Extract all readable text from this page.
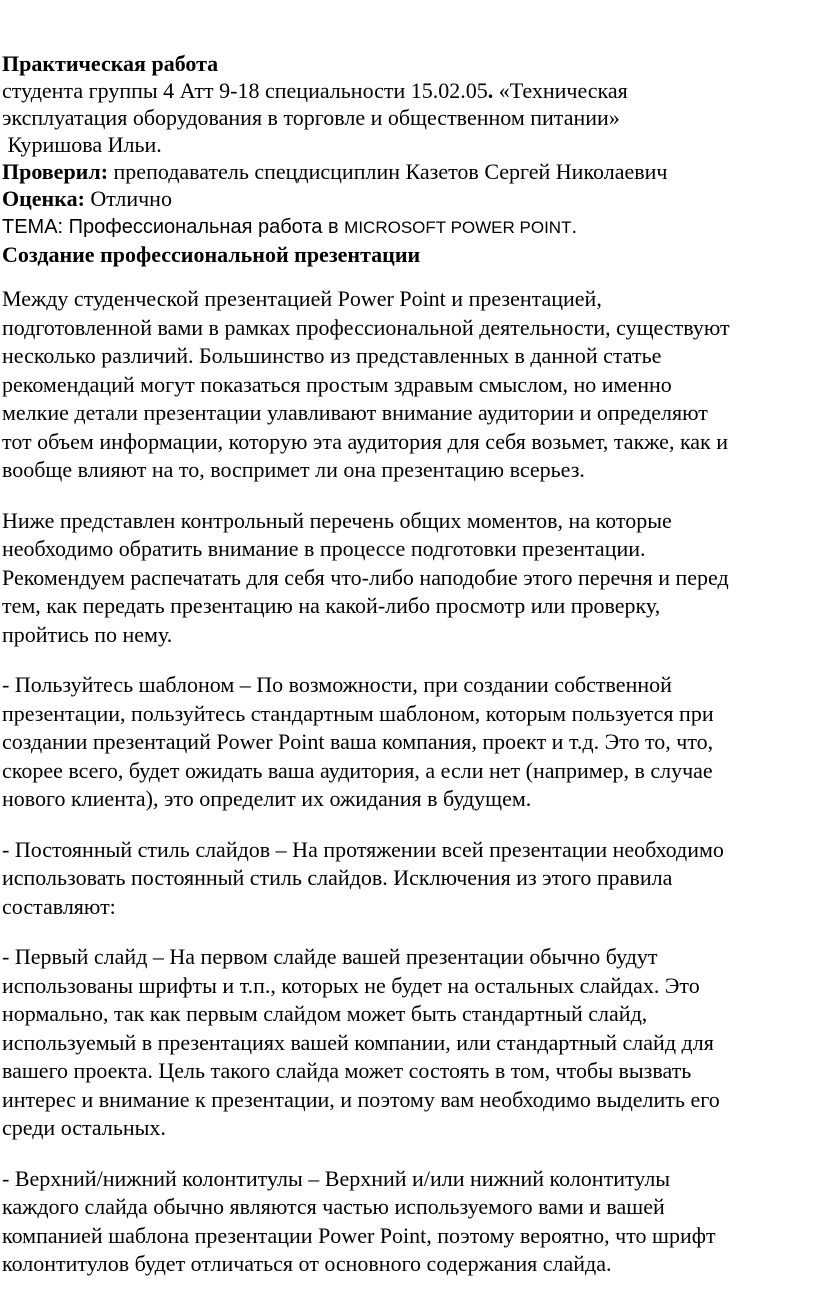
Практическая работа
студента группы 4 Атт 9-18 специальности 15.02.05. «Техническая
эксплуатация оборудования в торговле и общественном питании»
Куришова Ильи.
Проверил: преподаватель спецдисциплин Казетов Сергей Николаевич
Оценка: Отлично
ТЕМА: Профессиональная работа в MICROSOFT POWER POINT.
Создание профессиональной презентации
Между студенческой презентацией Power Point и презентацией,
подготовленной вами в рамках профессиональной деятельности, существуют
несколько различий. Большинство из представленных в данной статье
рекомендаций могут показаться простым здравым смыслом, но именно
мелкие детали презентации улавливают внимание аудитории и определяют
тот объем информации, которую эта аудитория для себя возьмет, также, как и
вообще влияют на то, воспримет ли она презентацию всерьез.
Ниже представлен контрольный перечень общих моментов, на которые
необходимо обратить внимание в процессе подготовки презентации.
Рекомендуем распечатать для себя что-либо наподобие этого перечня и перед
тем, как передать презентацию на какой-либо просмотр или проверку,
пройтись по нему.
- Пользуйтесь шаблоном – По возможности, при создании собственной
презентации, пользуйтесь стандартным шаблоном, которым пользуется при
создании презентаций Power Point ваша компания, проект и т.д. Это то, что,
скорее всего, будет ожидать ваша аудитория, а если нет (например, в случае
нового клиента), это определит их ожидания в будущем.
- Постоянный стиль слайдов – На протяжении всей презентации необходимо
использовать постоянный стиль слайдов. Исключения из этого правила
составляют:
- Первый слайд – На первом слайде вашей презентации обычно будут
использованы шрифты и т.п., которых не будет на остальных слайдах. Это
нормально, так как первым слайдом может быть стандартный слайд,
используемый в презентациях вашей компании, или стандартный слайд для
вашего проекта. Цель такого слайда может состоять в том, чтобы вызвать
интерес и внимание к презентации, и поэтому вам необходимо выделить его
среди остальных.
- Верхний/нижний колонтитулы – Верхний и/или нижний колонтитулы
каждого слайда обычно являются частью используемого вами и вашей
компанией шаблона презентации Power Point, поэтому вероятно, что шрифт
колонтитулов будет отличаться от основного содержания слайда.
